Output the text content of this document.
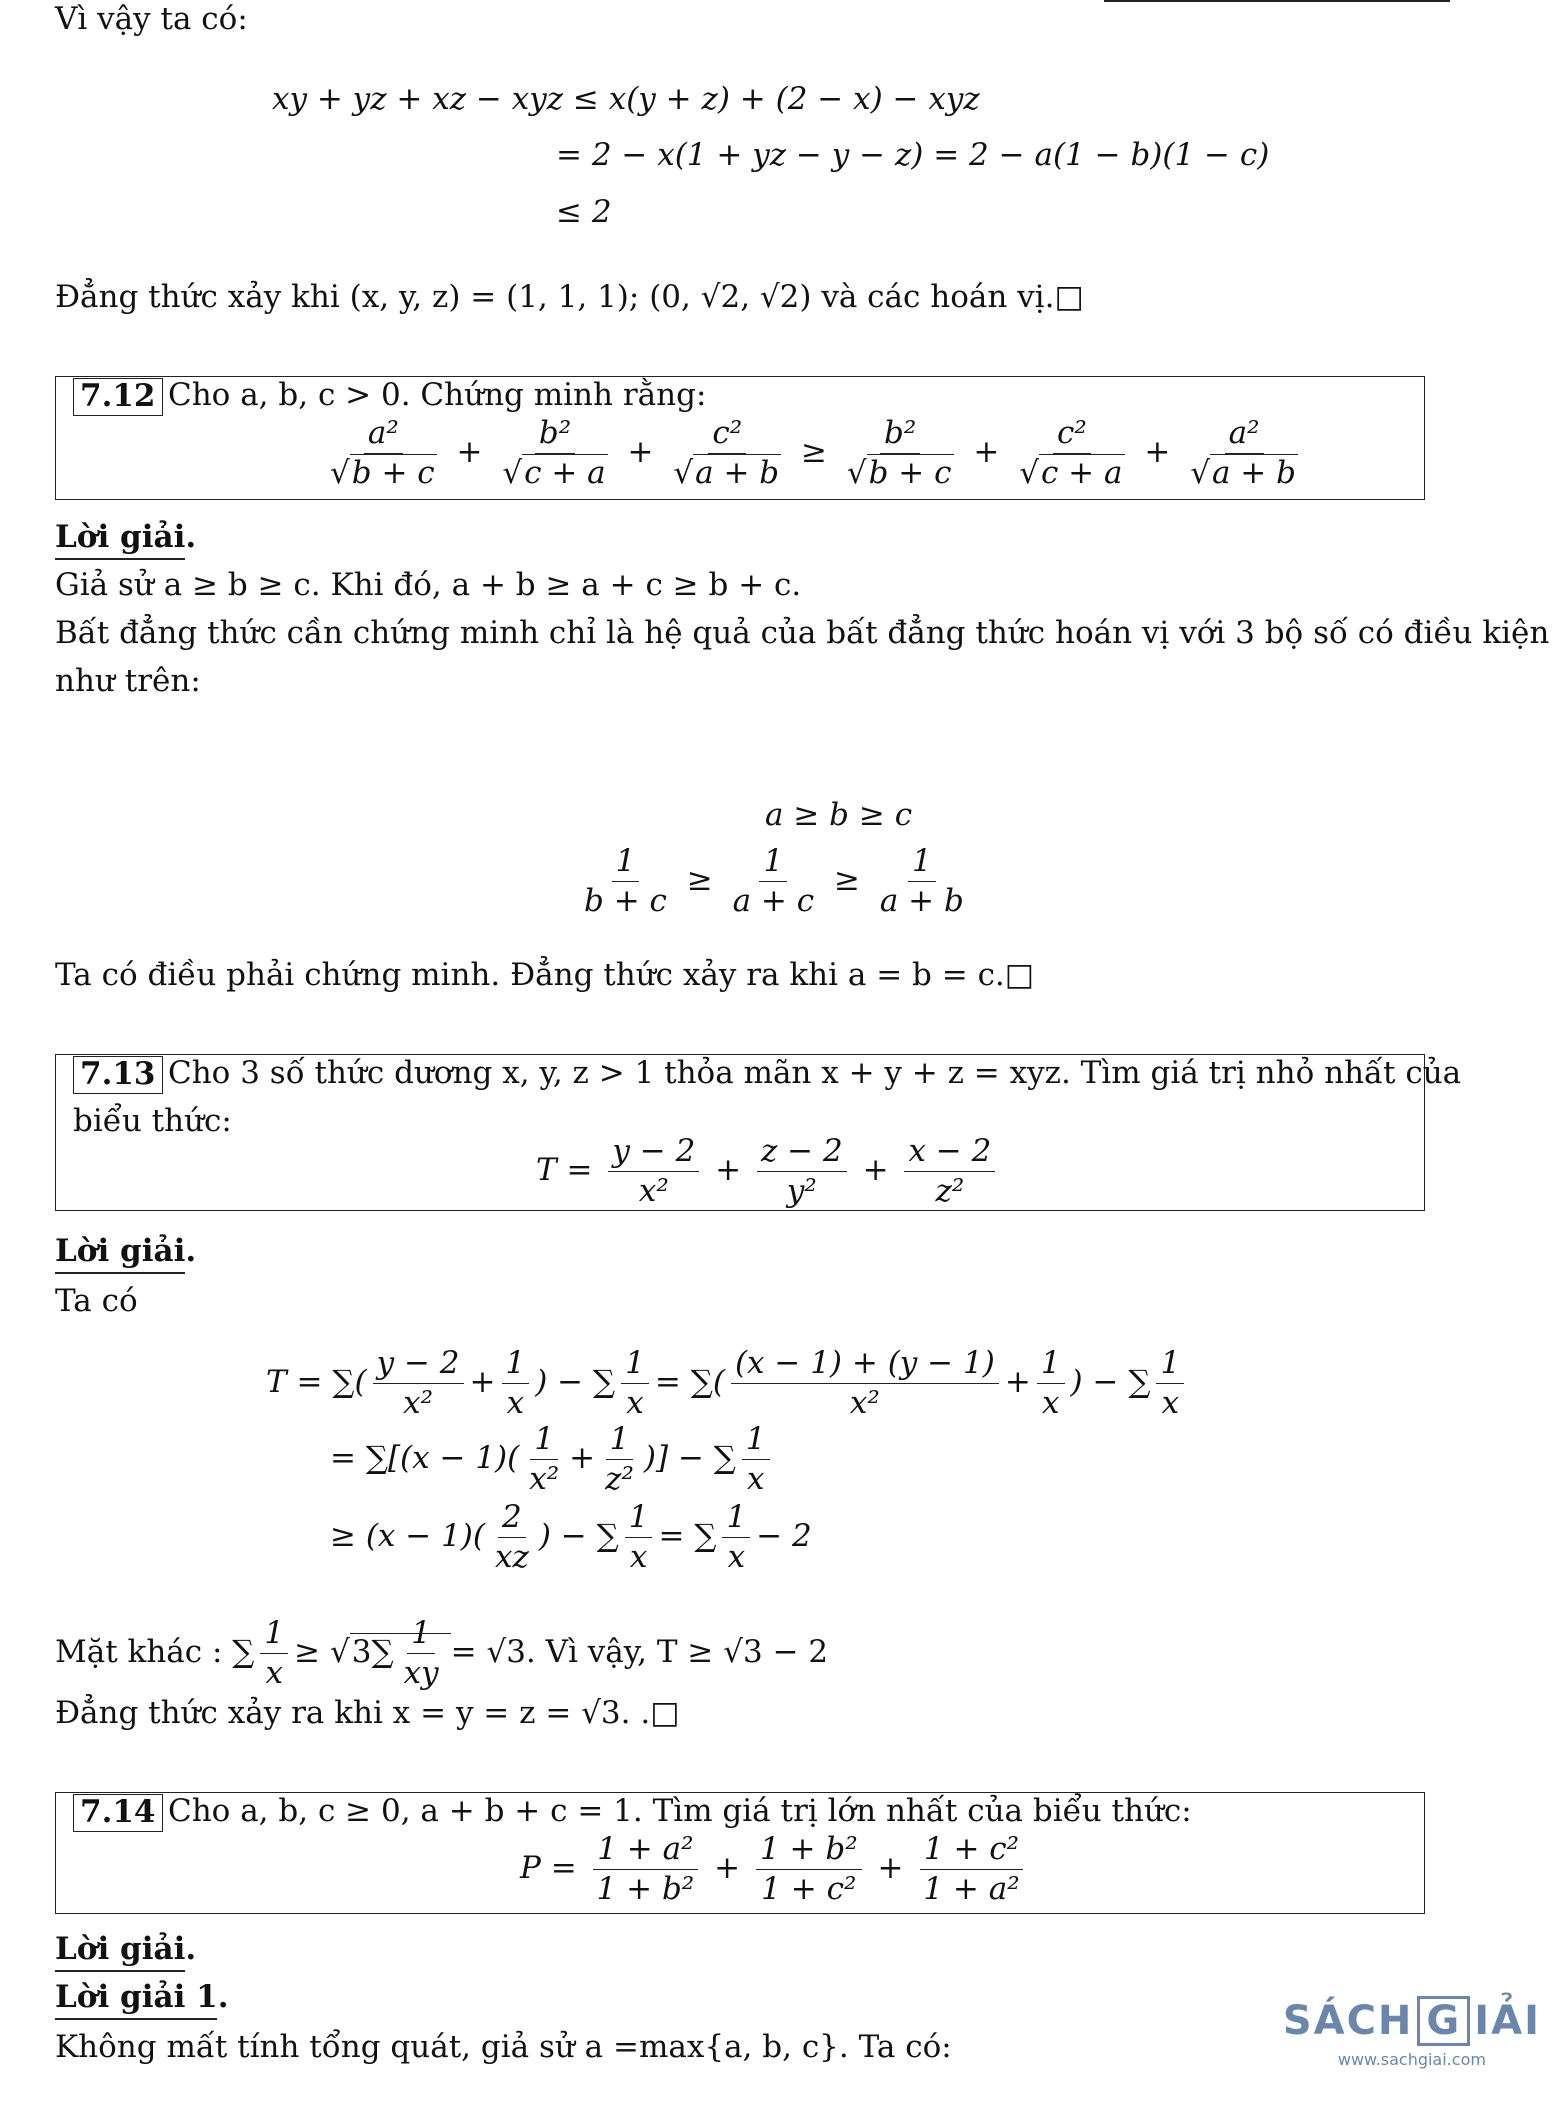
Vì vậy ta có:
xy + yz + xz − xyz ≤ x(y + z) + (2 − x) − xyz
= 2 − x(1 + yz − y − z) = 2 − a(1 − b)(1 − c)
≤ 2
Đẳng thức xảy khi (x, y, z) = (1, 1, 1); (0, √2, √2) và các hoán vị.□
7.12 Cho a, b, c > 0. Chứng minh rằng:
$\frac{\text{a²}}{√b + c} + \frac{\text{b²}}{√c + a} + \frac{\text{c²}}{√a + b} \ge \frac{\text{b²}}{√b + c} + \frac{\text{c²}}{√c + a} + \frac{\text{a²}}{√a + b}$
Lời giải.
Giả sử a ≥ b ≥ c. Khi đó, a + b ≥ a + c ≥ b + c.
Bất đẳng thức cần chứng minh chỉ là hệ quả của bất đẳng thức hoán vị với 3 bộ số có điều kiện
như trên:
a ≥ b ≥ c
$\frac{1}{b + c} \ge \frac{1}{a + c} \ge \frac{1}{a + b}$
Ta có điều phải chứng minh. Đẳng thức xảy ra khi a = b = c.□
7.13 Cho 3 số thức dương x, y, z > 1 thỏa mãn x + y + z = xyz. Tìm giá trị nhỏ nhất của
biểu thức:
$T = \frac{y - 2}{\text{x²}} + \frac{z - 2}{\text{y²}} + \frac{x - 2}{\text{z²}}$
Lời giải.
Ta có
T = ∑( $\frac{y - 2}{\text{x²}} + \frac{1}{x}$ ) − ∑ $\frac{1}{x}$ = ∑( $\frac{(x - 1) + (y - 1)}{\text{x²}} + \frac{1}{x}$ ) − ∑ $\frac{1}{x}$
= $\sum[(x - 1)( \frac{1}{\text{x²}} + \frac{1}{\text{z²}}$ )] − ∑ $\frac{1}{x}$
≥ $(x - 1)( \frac{2}{xz}$ ) − ∑ $\frac{1}{x}$ = ∑ $\frac{1}{x} - 2$
Mặt khác : ∑ $\frac{1}{x} \ge √3\sum \frac{1}{xy} = √3$. Vì vậy, T ≥ √3 − 2
Đẳng thức xảy ra khi x = y = z = √3. .□
7.14 Cho a, b, c ≥ 0, a + b + c = 1. Tìm giá trị lớn nhất của biểu thức:
$P = \frac{\text{1 + a²}}{\text{1 + b²}} + \frac{\text{1 + b²}}{\text{1 + c²}} + \frac{\text{1 + c²}}{\text{1 + a²}}$
Lời giải.
Lời giải 1.
Không mất tính tổng quát, giả sử a =max{a, b, c}. Ta có:
SÁCH G IẢI
www.sachgiai.com
